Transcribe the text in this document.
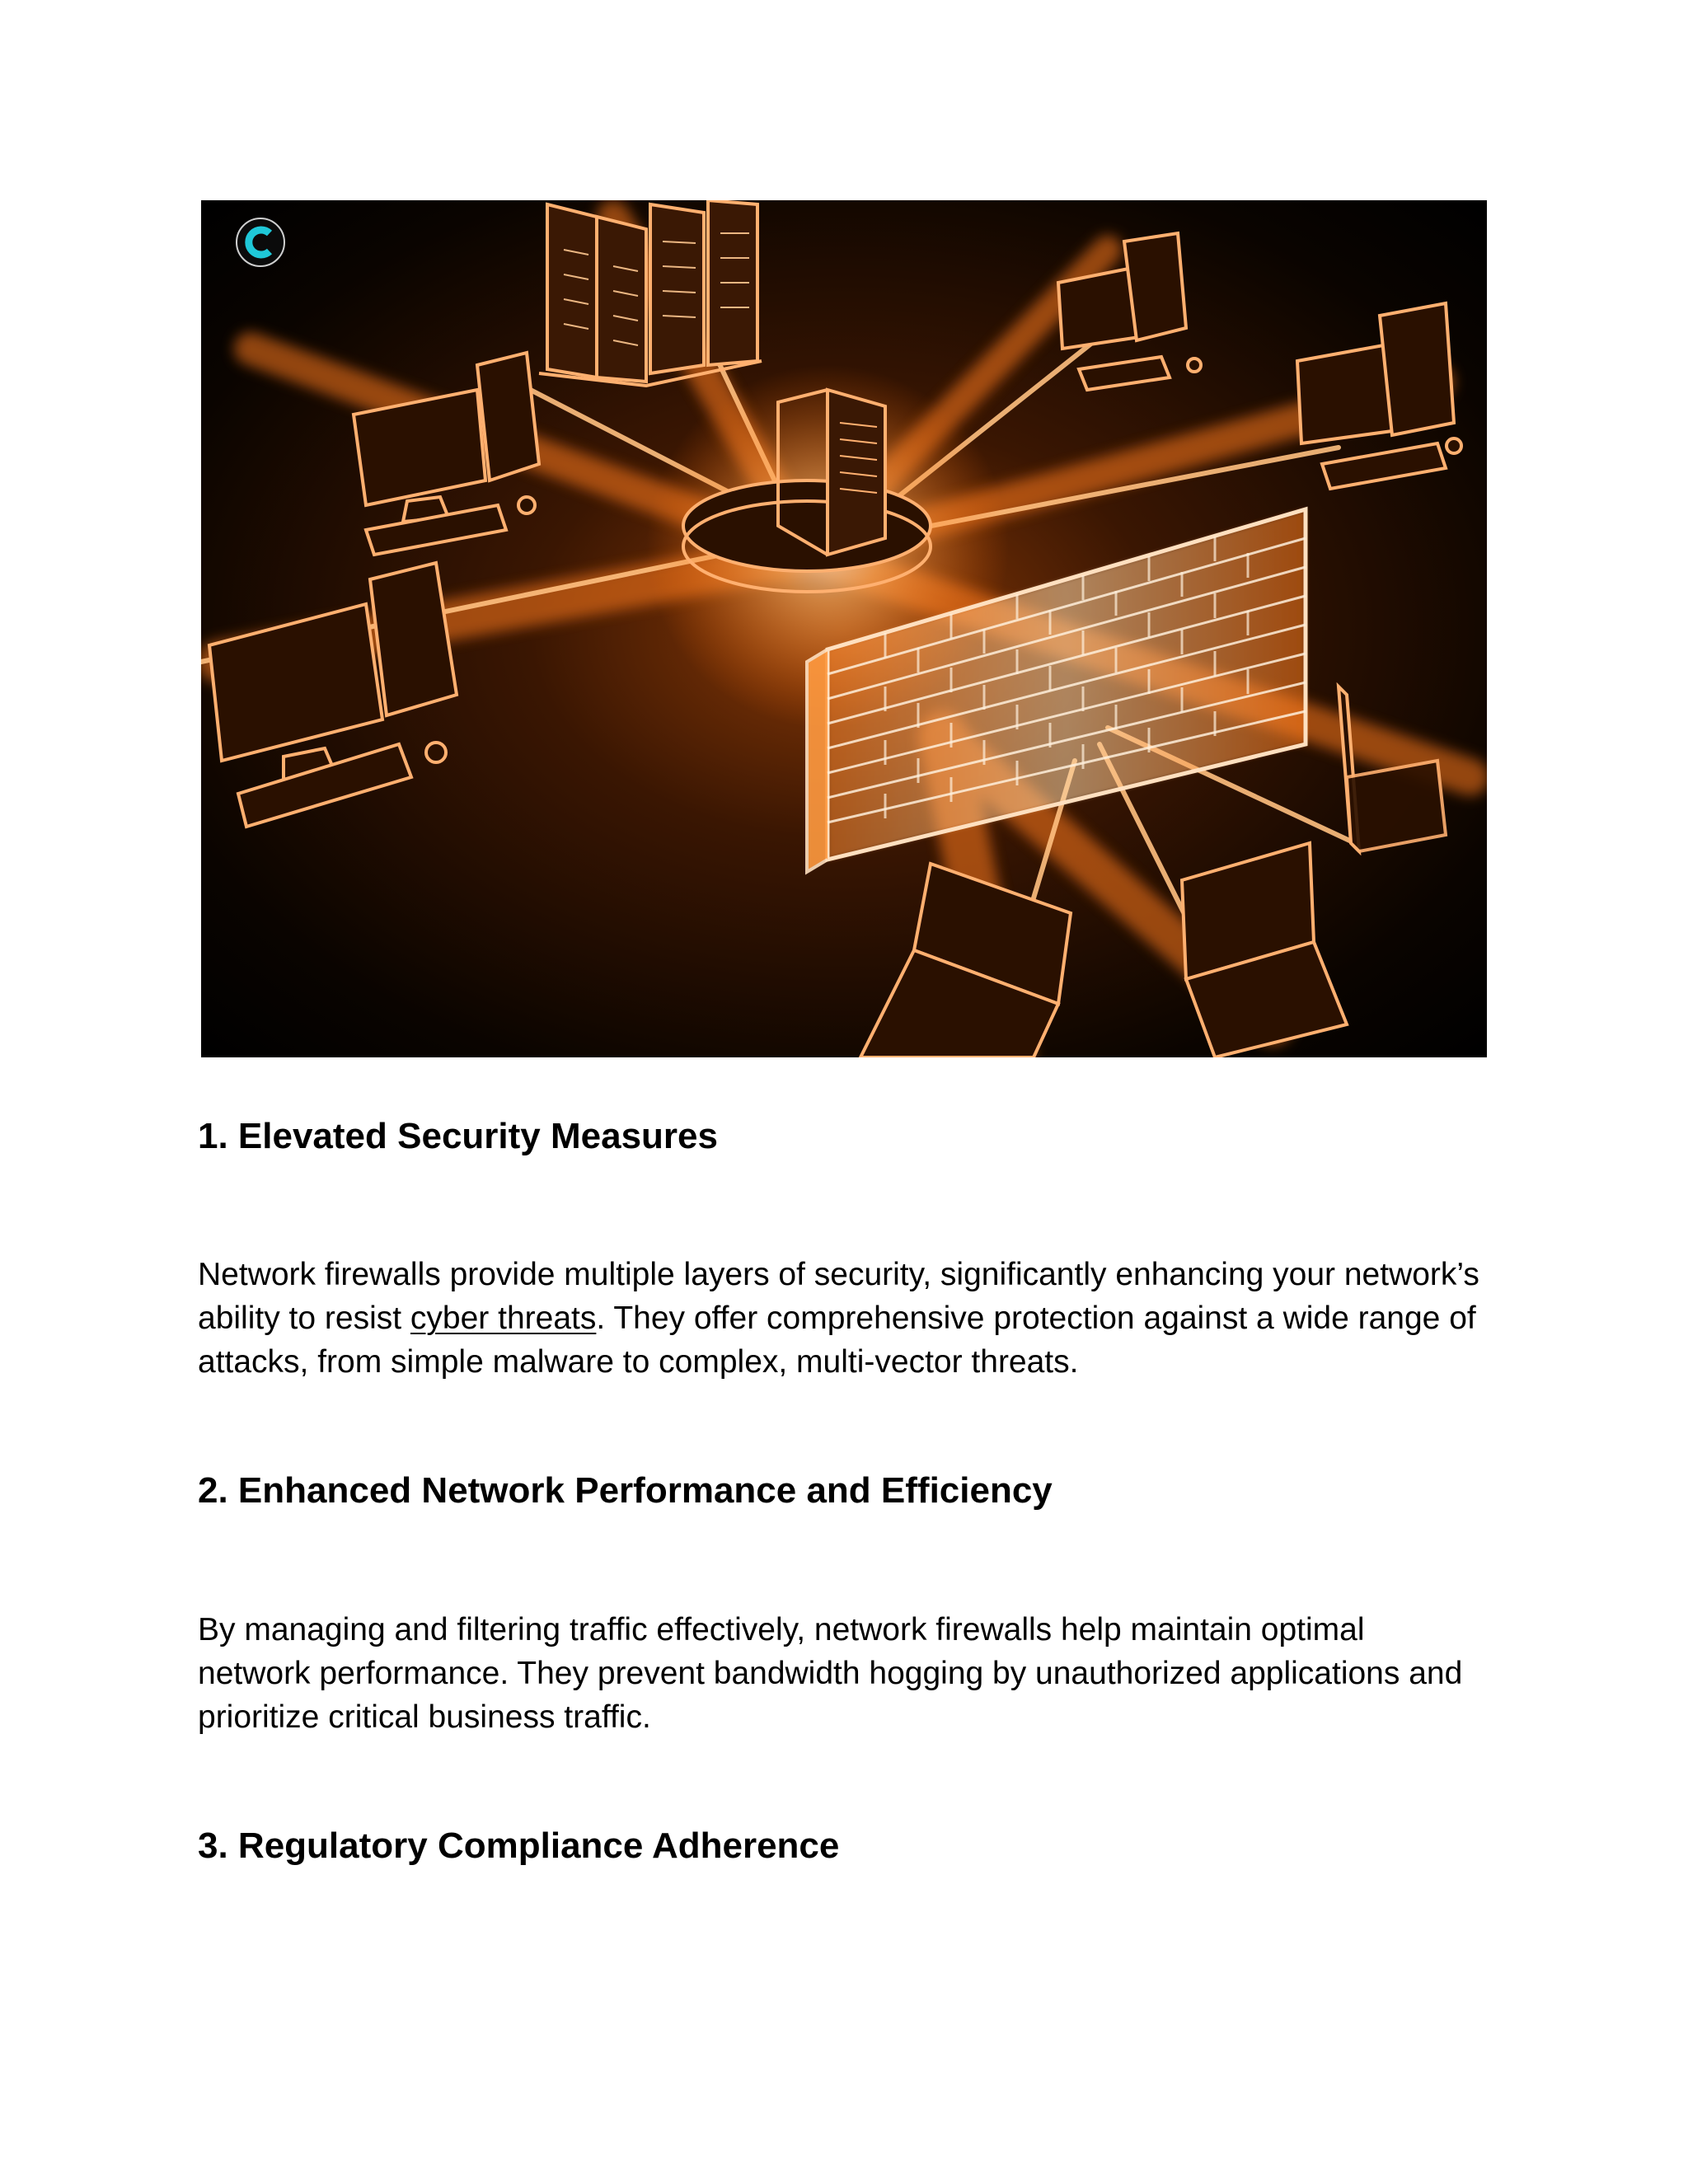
1. Elevated Security Measures

Network firewalls provide multiple layers of security, significantly enhancing your network’s ability to resist cyber threats. They offer comprehensive protection against a wide range of attacks, from simple malware to complex, multi-vector threats.

2. Enhanced Network Performance and Efficiency

By managing and filtering traffic effectively, network firewalls help maintain optimal network performance. They prevent bandwidth hogging by unauthorized applications and prioritize critical business traffic.

3. Regulatory Compliance Adherence
